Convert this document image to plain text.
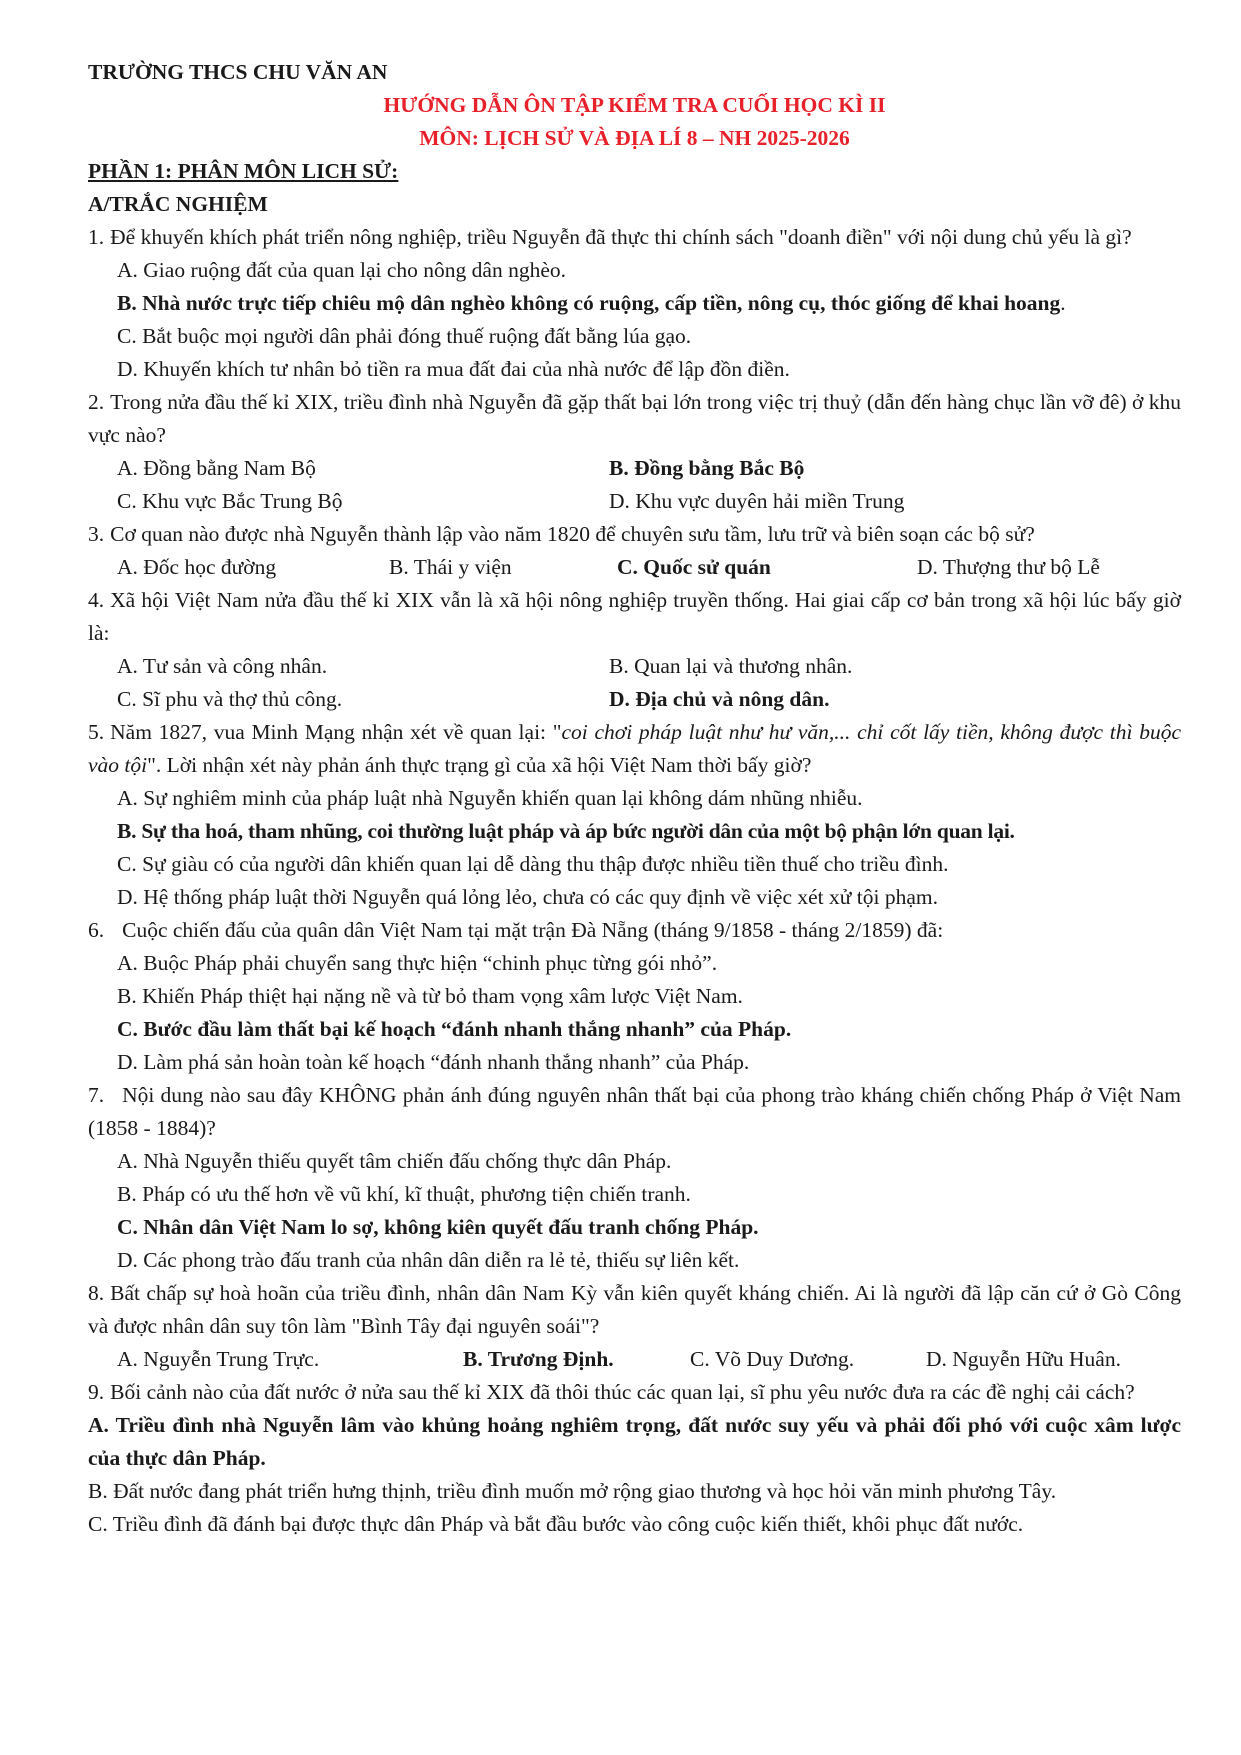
TRƯỜNG THCS CHU VĂN AN
HƯỚNG DẪN ÔN TẬP KIỂM TRA CUỐI HỌC KÌ II
MÔN: LỊCH SỬ VÀ ĐỊA LÍ 8 – NH 2025-2026
PHẦN 1: PHÂN MÔN LICH SỬ:
A/TRẮC NGHIỆM
1. Để khuyến khích phát triển nông nghiệp, triều Nguyễn đã thực thi chính sách "doanh điền" với nội dung chủ yếu là gì?
A. Giao ruộng đất của quan lại cho nông dân nghèo.
B. Nhà nước trực tiếp chiêu mộ dân nghèo không có ruộng, cấp tiền, nông cụ, thóc giống để khai hoang.
C. Bắt buộc mọi người dân phải đóng thuế ruộng đất bằng lúa gạo.
D. Khuyến khích tư nhân bỏ tiền ra mua đất đai của nhà nước để lập đồn điền.
2. Trong nửa đầu thế kỉ XIX, triều đình nhà Nguyễn đã gặp thất bại lớn trong việc trị thuỷ (dẫn đến hàng chục lần vỡ đê) ở khu vực nào?
A. Đồng bằng Nam Bộ	B. Đồng bằng Bắc Bộ
C. Khu vực Bắc Trung Bộ	D. Khu vực duyên hải miền Trung
3. Cơ quan nào được nhà Nguyễn thành lập vào năm 1820 để chuyên sưu tầm, lưu trữ và biên soạn các bộ sử?
A. Đốc học đường	B. Thái y viện	C. Quốc sử quán	D. Thượng thư bộ Lễ
4. Xã hội Việt Nam nửa đầu thế kỉ XIX vẫn là xã hội nông nghiệp truyền thống. Hai giai cấp cơ bản trong xã hội lúc bấy giờ là:
A. Tư sản và công nhân.	B. Quan lại và thương nhân.
C. Sĩ phu và thợ thủ công.	D. Địa chủ và nông dân.
5. Năm 1827, vua Minh Mạng nhận xét về quan lại: "coi chơi pháp luật như hư văn,... chỉ cốt lấy tiền, không được thì buộc vào tội". Lời nhận xét này phản ánh thực trạng gì của xã hội Việt Nam thời bấy giờ?
A. Sự nghiêm minh của pháp luật nhà Nguyễn khiến quan lại không dám nhũng nhiễu.
B. Sự tha hoá, tham nhũng, coi thường luật pháp và áp bức người dân của một bộ phận lớn quan lại.
C. Sự giàu có của người dân khiến quan lại dễ dàng thu thập được nhiều tiền thuế cho triều đình.
D. Hệ thống pháp luật thời Nguyễn quá lỏng lẻo, chưa có các quy định về việc xét xử tội phạm.
6. Cuộc chiến đấu của quân dân Việt Nam tại mặt trận Đà Nẵng (tháng 9/1858 - tháng 2/1859) đã:
A. Buộc Pháp phải chuyển sang thực hiện “chinh phục từng gói nhỏ”.
B. Khiến Pháp thiệt hại nặng nề và từ bỏ tham vọng xâm lược Việt Nam.
C. Bước đầu làm thất bại kế hoạch “đánh nhanh thắng nhanh” của Pháp.
D. Làm phá sản hoàn toàn kế hoạch “đánh nhanh thắng nhanh” của Pháp.
7. Nội dung nào sau đây KHÔNG phản ánh đúng nguyên nhân thất bại của phong trào kháng chiến chống Pháp ở Việt Nam (1858 - 1884)?
A. Nhà Nguyễn thiếu quyết tâm chiến đấu chống thực dân Pháp.
B. Pháp có ưu thế hơn về vũ khí, kĩ thuật, phương tiện chiến tranh.
C. Nhân dân Việt Nam lo sợ, không kiên quyết đấu tranh chống Pháp.
D. Các phong trào đấu tranh của nhân dân diễn ra lẻ tẻ, thiếu sự liên kết.
8. Bất chấp sự hoà hoãn của triều đình, nhân dân Nam Kỳ vẫn kiên quyết kháng chiến. Ai là người đã lập căn cứ ở Gò Công và được nhân dân suy tôn làm "Bình Tây đại nguyên soái"?
A. Nguyễn Trung Trực.	B. Trương Định.	C. Võ Duy Dương.	D. Nguyễn Hữu Huân.
9. Bối cảnh nào của đất nước ở nửa sau thế kỉ XIX đã thôi thúc các quan lại, sĩ phu yêu nước đưa ra các đề nghị cải cách?
A. Triều đình nhà Nguyễn lâm vào khủng hoảng nghiêm trọng, đất nước suy yếu và phải đối phó với cuộc xâm lược của thực dân Pháp.
B. Đất nước đang phát triển hưng thịnh, triều đình muốn mở rộng giao thương và học hỏi văn minh phương Tây.
C. Triều đình đã đánh bại được thực dân Pháp và bắt đầu bước vào công cuộc kiến thiết, khôi phục đất nước.
